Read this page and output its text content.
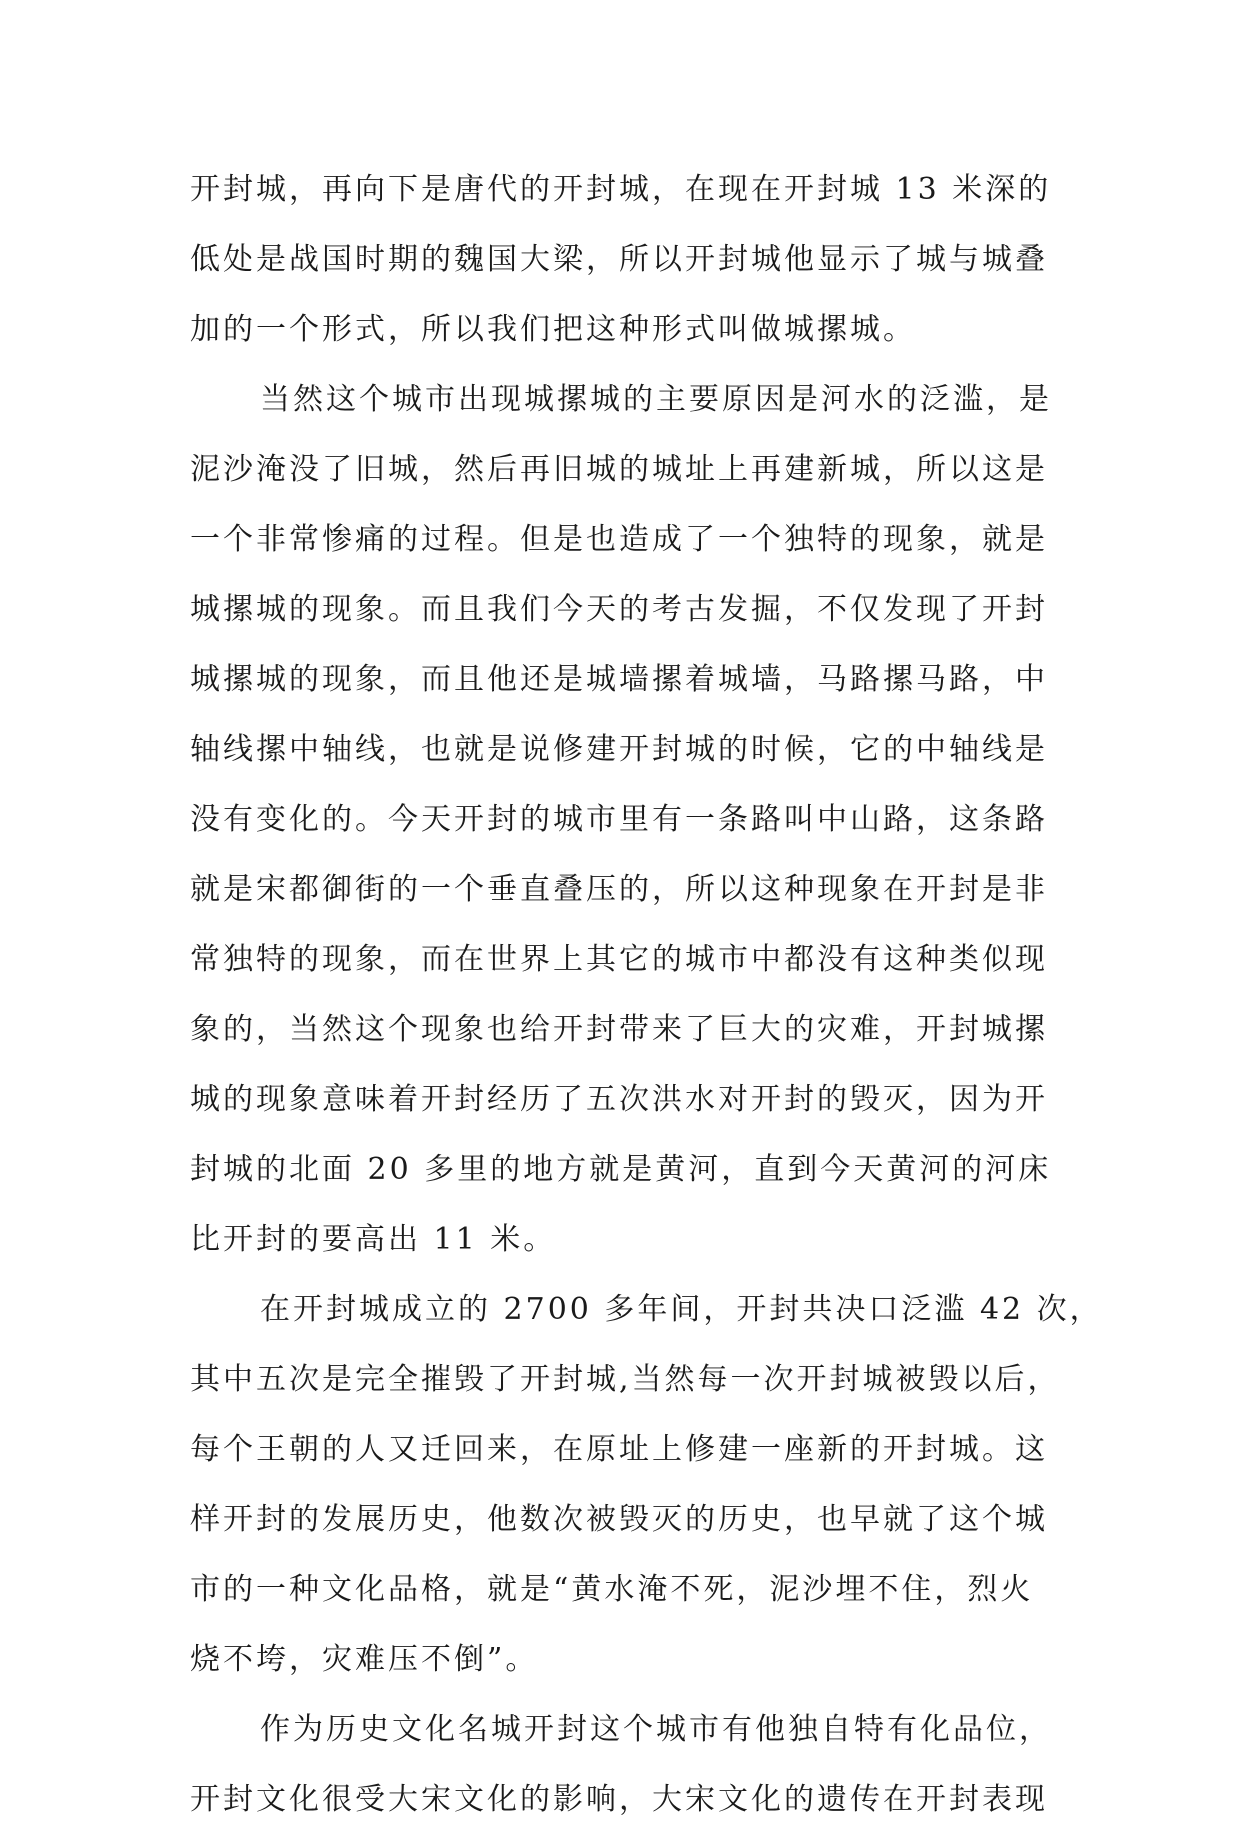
开封城，再向下是唐代的开封城，在现在开封城 13 米深的
低处是战国时期的魏国大梁，所以开封城他显示了城与城叠
加的一个形式，所以我们把这种形式叫做城摞城。
当然这个城市出现城摞城的主要原因是河水的泛滥，是
泥沙淹没了旧城，然后再旧城的城址上再建新城，所以这是
一个非常惨痛的过程。但是也造成了一个独特的现象，就是
城摞城的现象。而且我们今天的考古发掘，不仅发现了开封
城摞城的现象，而且他还是城墙摞着城墙，马路摞马路，中
轴线摞中轴线，也就是说修建开封城的时候，它的中轴线是
没有变化的。今天开封的城市里有一条路叫中山路，这条路
就是宋都御街的一个垂直叠压的，所以这种现象在开封是非
常独特的现象，而在世界上其它的城市中都没有这种类似现
象的，当然这个现象也给开封带来了巨大的灾难，开封城摞
城的现象意味着开封经历了五次洪水对开封的毁灭，因为开
封城的北面 20 多里的地方就是黄河，直到今天黄河的河床
比开封的要高出 11 米。
在开封城成立的 2700 多年间，开封共决口泛滥 42 次，
其中五次是完全摧毁了开封城,当然每一次开封城被毁以后，
每个王朝的人又迁回来，在原址上修建一座新的开封城。这
样开封的发展历史，他数次被毁灭的历史，也早就了这个城
市的一种文化品格，就是“黄水淹不死，泥沙埋不住，烈火
烧不垮，灾难压不倒”。
作为历史文化名城开封这个城市有他独自特有化品位，
开封文化很受大宋文化的影响，大宋文化的遗传在开封表现
